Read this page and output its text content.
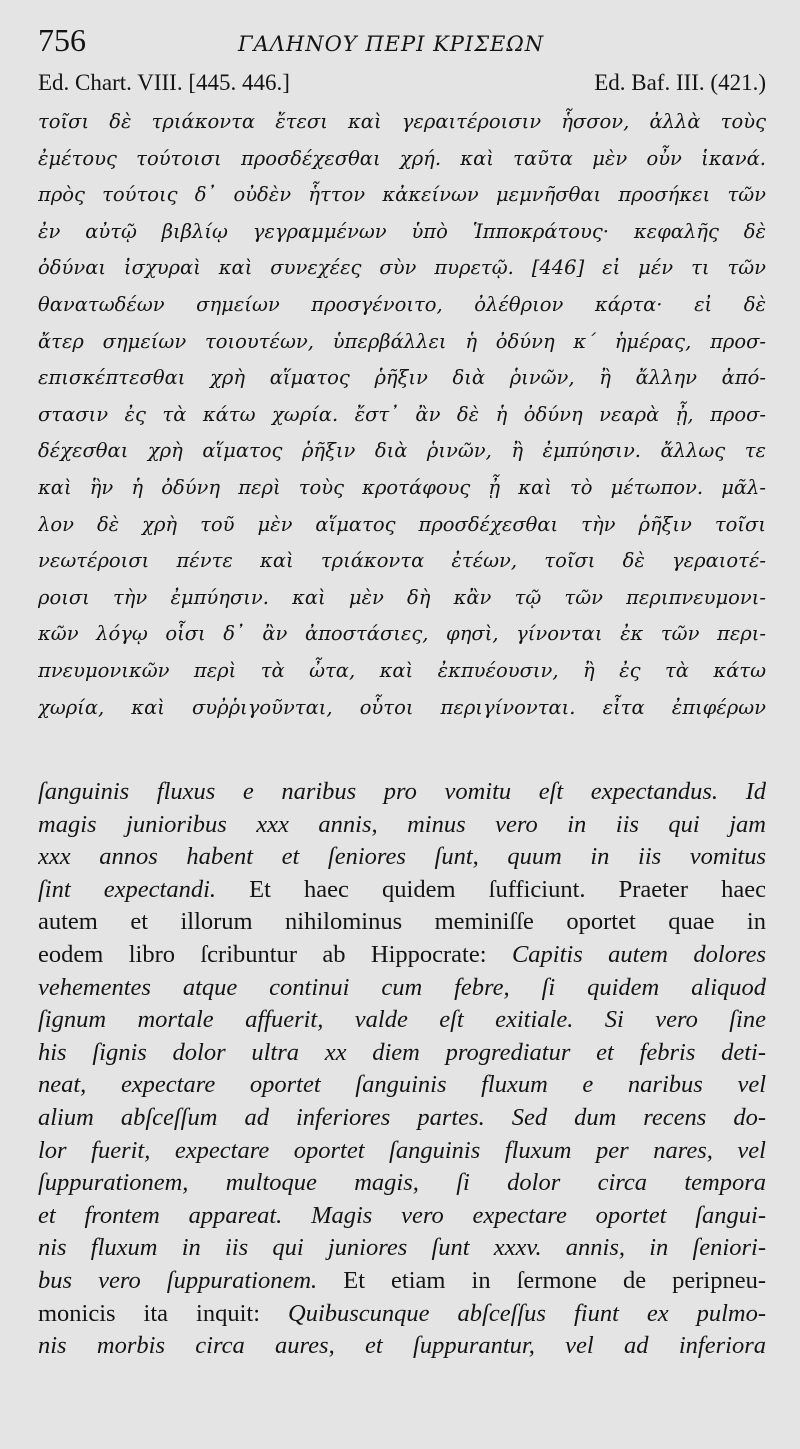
756	ΓΑΛΗΝΟΥ ΠΕΡΙ ΚΡΙΣΕΩΝ
Ed. Chart. VIII. [445. 446.]	Ed. Baf. III. (421.)
τοῖσι δὲ τριάκοντα ἔτεσι καὶ γεραιτέροισιν ἧσσον, ἀλλὰ τοὺς
ἐμέτους τούτοισι προσδέχεσθαι χρή. καὶ ταῦτα μὲν οὖν ἱκανά.
πρὸς τούτοις δ᾽ οὐδὲν ἧττον κἀκείνων μεμνῆσθαι προσήκει τῶν
ἐν αὐτῷ βιβλίῳ γεγραμμένων ὑπὸ Ἱπποκράτους· κεφαλῆς δὲ
ὀδύναι ἰσχυραὶ καὶ συνεχέες σὺν πυρετῷ. [446] εἰ μέν τι τῶν
θανατωδέων σημείων προσγένοιτο, ὀλέθριον κάρτα· εἰ δὲ
ἄτερ σημείων τοιουτέων, ὑπερβάλλει ἡ ὀδύνη κ΄ ἡμέρας, προσ-
επισκέπτεσθαι χρὴ αἵματος ῥῆξιν διὰ ῥινῶν, ἢ ἄλλην ἀπό-
στασιν ἐς τὰ κάτω χωρία. ἔστ᾽ ἂν δὲ ἡ ὀδύνη νεαρὰ ᾖ, προσ-
δέχεσθαι χρὴ αἵματος ῥῆξιν διὰ ῥινῶν, ἢ ἐμπύησιν. ἄλλως τε
καὶ ἣν ἡ ὀδύνη περὶ τοὺς κροτάφους ᾖ καὶ τὸ μέτωπον. μᾶλ-
λον δὲ χρὴ τοῦ μὲν αἵματος προσδέχεσθαι τὴν ῥῆξιν τοῖσι
νεωτέροισι πέντε καὶ τριάκοντα ἐτέων, τοῖσι δὲ γεραιοτέ-
ροισι τὴν ἐμπύησιν. καὶ μὲν δὴ κἂν τῷ τῶν περιπνευμονι-
κῶν λόγῳ οἷσι δ᾽ ἂν ἀποστάσιες, φησὶ, γίνονται ἐκ τῶν περι-
πνευμονικῶν περὶ τὰ ὦτα, καὶ ἐκπυέουσιν, ἢ ἐς τὰ κάτω
χωρία, καὶ συῤῥιγοῦνται, οὗτοι περιγίνονται. εἶτα ἐπιφέρων
ſanguinis fluxus e naribus pro vomitu eſt expectandus. Id
magis junioribus xxx annis, minus vero in iis qui jam
xxx annos habent et ſeniores ſunt, quum in iis vomitus
ſint expectandi. Et haec quidem ſufficiunt. Praeter haec
autem et illorum nihilominus meminiſſe oportet quae in
eodem libro ſcribuntur ab Hippocrate: Capitis autem dolores
vehementes atque continui cum febre, ſi quidem aliquod
ſignum mortale affuerit, valde eſt exitiale. Si vero ſine
his ſignis dolor ultra xx diem progrediatur et febris deti-
neat, expectare oportet ſanguinis fluxum e naribus vel
alium abſceſſum ad inferiores partes. Sed dum recens do-
lor fuerit, expectare oportet ſanguinis fluxum per nares, vel
ſuppurationem, multoque magis, ſi dolor circa tempora
et frontem appareat. Magis vero expectare oportet ſangui-
nis fluxum in iis qui juniores ſunt xxxv. annis, in ſeniori-
bus vero ſuppurationem. Et etiam in ſermone de peripneu-
monicis ita inquit: Quibuscunque abſceſſus fiunt ex pulmo-
nis morbis circa aures, et ſuppurantur, vel ad inferiora
